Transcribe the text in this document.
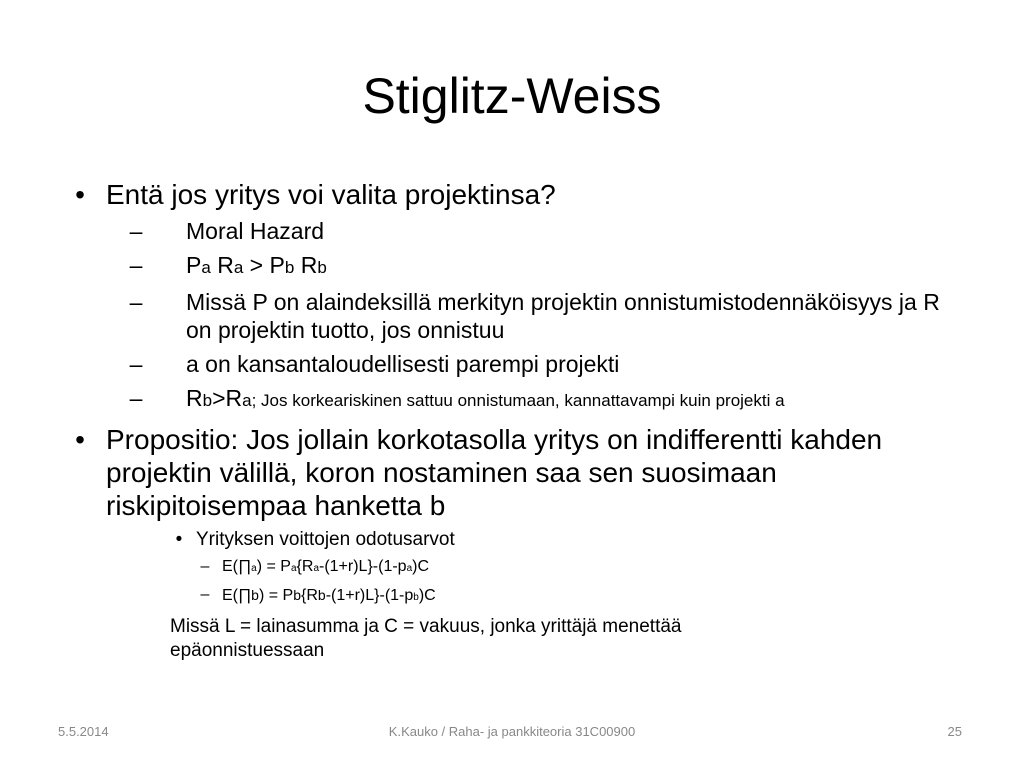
Stiglitz-Weiss
• Entä jos yritys voi valita projektinsa?
– Moral Hazard
– Pa Ra > Pb Rb
– Missä P on alaindeksillä merkityn projektin onnistumistodennäköisyys ja R on projektin tuotto, jos onnistuu
– a on kansantaloudellisesti parempi projekti
– Rb>Ra; Jos korkeariskinen sattuu onnistumaan, kannattavampi kuin projekti a
• Propositio: Jos jollain korkotasolla yritys on indifferentti kahden projektin välillä, koron nostaminen saa sen suosimaan riskipitoisempaa hanketta b
• Yrityksen voittojen odotusarvot
– E(∏a) = Pa{Ra-(1+r)L}-(1-pa)C
– E(∏b) = Pb{Rb-(1+r)L}-(1-pb)C
Missä L = lainasumma ja C = vakuus, jonka yrittäjä menettää epäonnistuessaan
5.5.2014	K.Kauko / Raha- ja pankkiteoria 31C00900	25
